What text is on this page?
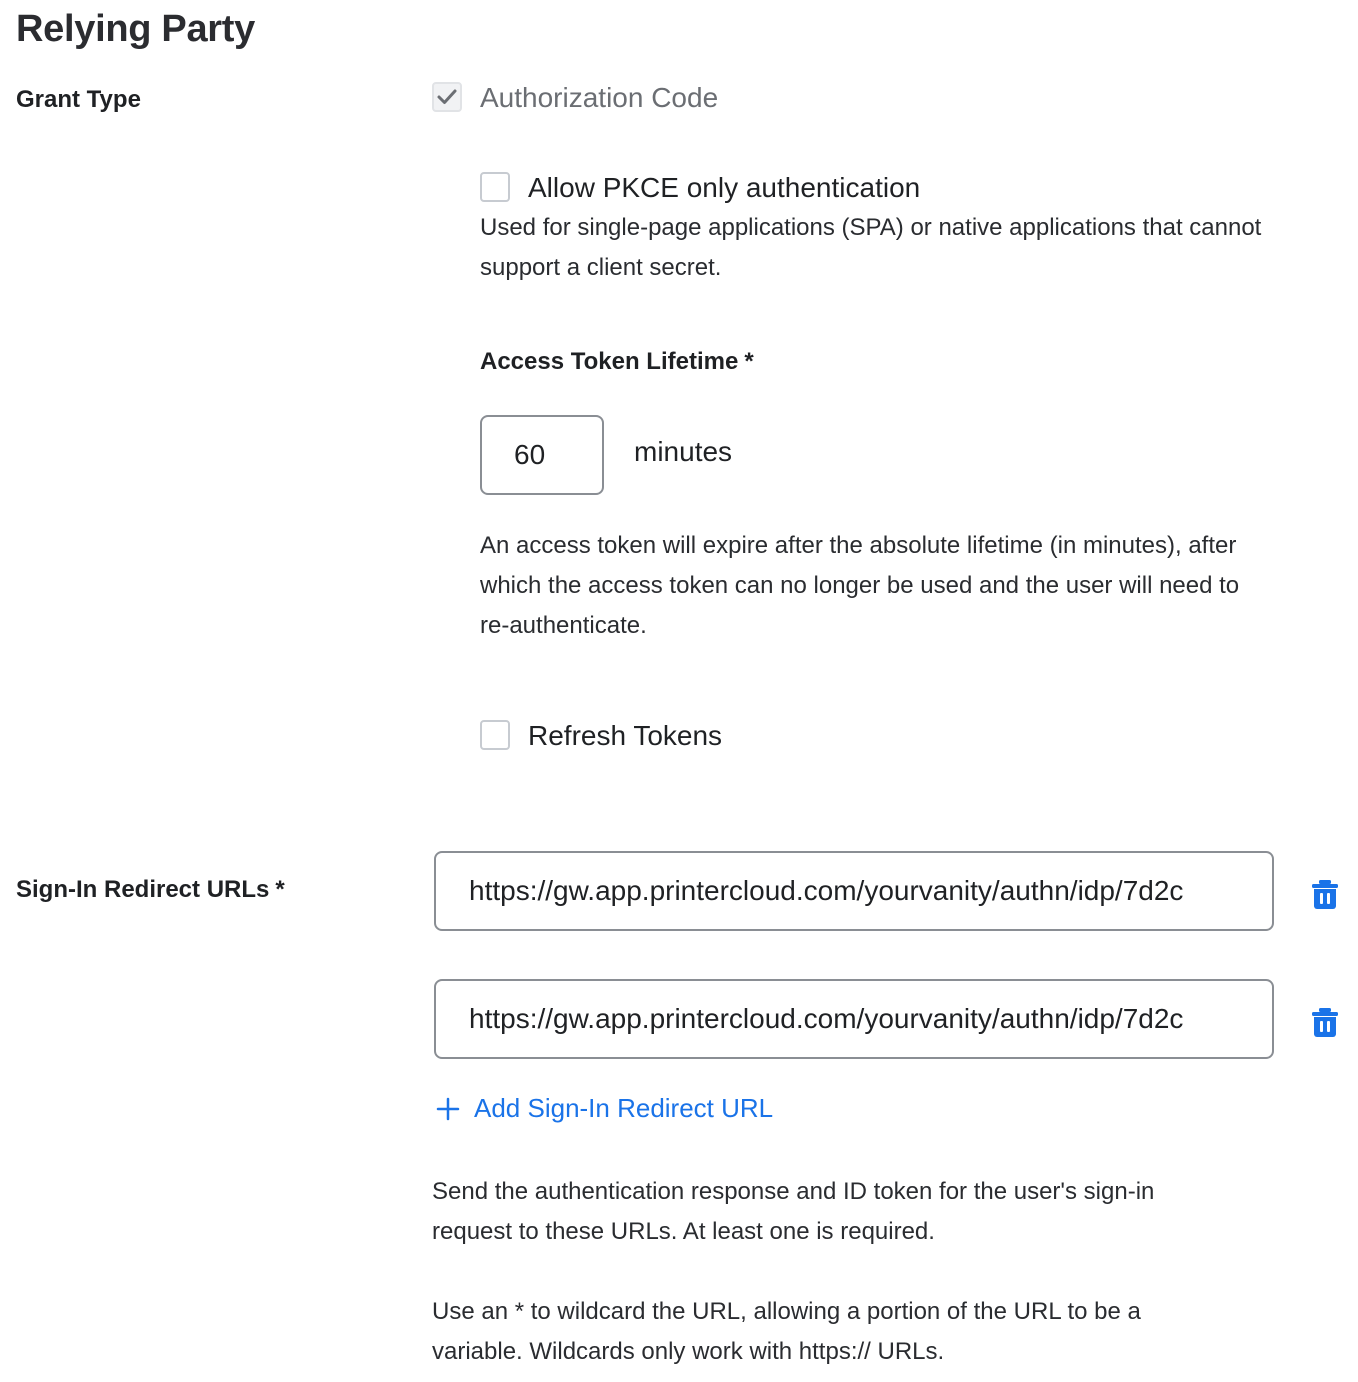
Relying Party
Grant Type	Authorization Code
Allow PKCE only authentication
Used for single-page applications (SPA) or native applications that cannot
support a client secret.
Access Token Lifetime *
60
minutes
An access token will expire after the absolute lifetime (in minutes), after
which the access token can no longer be used and the user will need to
re-authenticate.
Refresh Tokens
Sign-In Redirect URLs *
https://gw.app.printercloud.com/yourvanity/authn/idp/7d2c
https://gw.app.printercloud.com/yourvanity/authn/idp/7d2c
Add Sign-In Redirect URL
Send the authentication response and ID token for the user's sign-in
request to these URLs. At least one is required.
Use an * to wildcard the URL, allowing a portion of the URL to be a
variable. Wildcards only work with https:// URLs.
